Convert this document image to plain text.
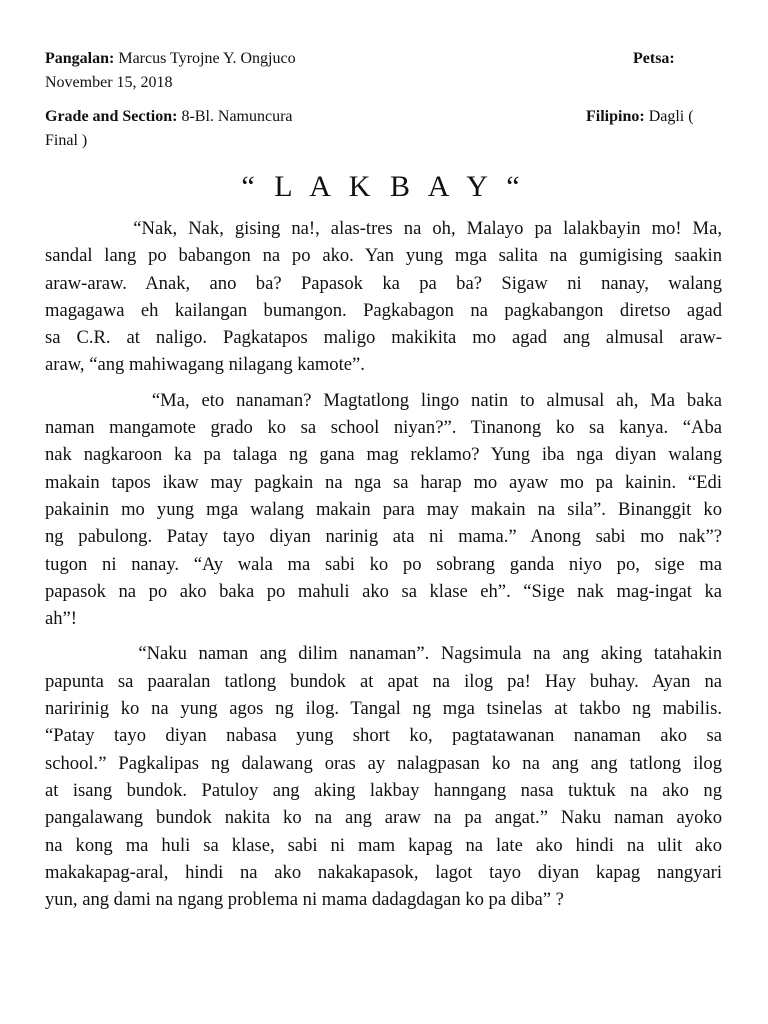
Pangalan: Marcus Tyrojne Y. Ongjuco	Petsa:
November 15, 2018
Grade and Section: 8-Bl. Namuncura	Filipino: Dagli (
Final )
“ L A K B A Y “
“Nak, Nak, gising na!, alas-tres na oh, Malayo pa lalakbayin mo! Ma,
sandal lang po babangon na po ako. Yan yung mga salita na gumigising saakin
araw-araw. Anak, ano ba? Papasok ka pa ba? Sigaw ni nanay, walang
magagawa eh kailangan bumangon. Pagkabagon na pagkabangon diretso agad
sa C.R. at naligo. Pagkatapos maligo makikita mo agad ang almusal araw-
araw, “ang mahiwagang nilagang kamote”.
“Ma, eto nanaman? Magtatlong lingo natin to almusal ah, Ma baka
naman mangamote grado ko sa school niyan?”. Tinanong ko sa kanya. “Aba
nak nagkaroon ka pa talaga ng gana mag reklamo? Yung iba nga diyan walang
makain tapos ikaw may pagkain na nga sa harap mo ayaw mo pa kainin. “Edi
pakainin mo yung mga walang makain para may makain na sila”. Binanggit ko
ng pabulong. Patay tayo diyan narinig ata ni mama.” Anong sabi mo nak”?
tugon ni nanay. “Ay wala ma sabi ko po sobrang ganda niyo po, sige ma
papasok na po ako baka po mahuli ako sa klase eh”. “Sige nak mag-ingat ka
ah”!
“Naku naman ang dilim nanaman”. Nagsimula na ang aking tatahakin
papunta sa paaralan tatlong bundok at apat na ilog pa! Hay buhay. Ayan na
naririnig ko na yung agos ng ilog. Tangal ng mga tsinelas at takbo ng mabilis.
“Patay tayo diyan nabasa yung short ko, pagtatawanan nanaman ako sa
school.” Pagkalipas ng dalawang oras ay nalagpasan ko na ang ang tatlong ilog
at isang bundok. Patuloy ang aking lakbay hanngang nasa tuktuk na ako ng
pangalawang bundok nakita ko na ang araw na pa angat.” Naku naman ayoko
na kong ma huli sa klase, sabi ni mam kapag na late ako hindi na ulit ako
makakapag-aral, hindi na ako nakakapasok, lagot tayo diyan kapag nangyari
yun, ang dami na ngang problema ni mama dadagdagan ko pa diba” ?
